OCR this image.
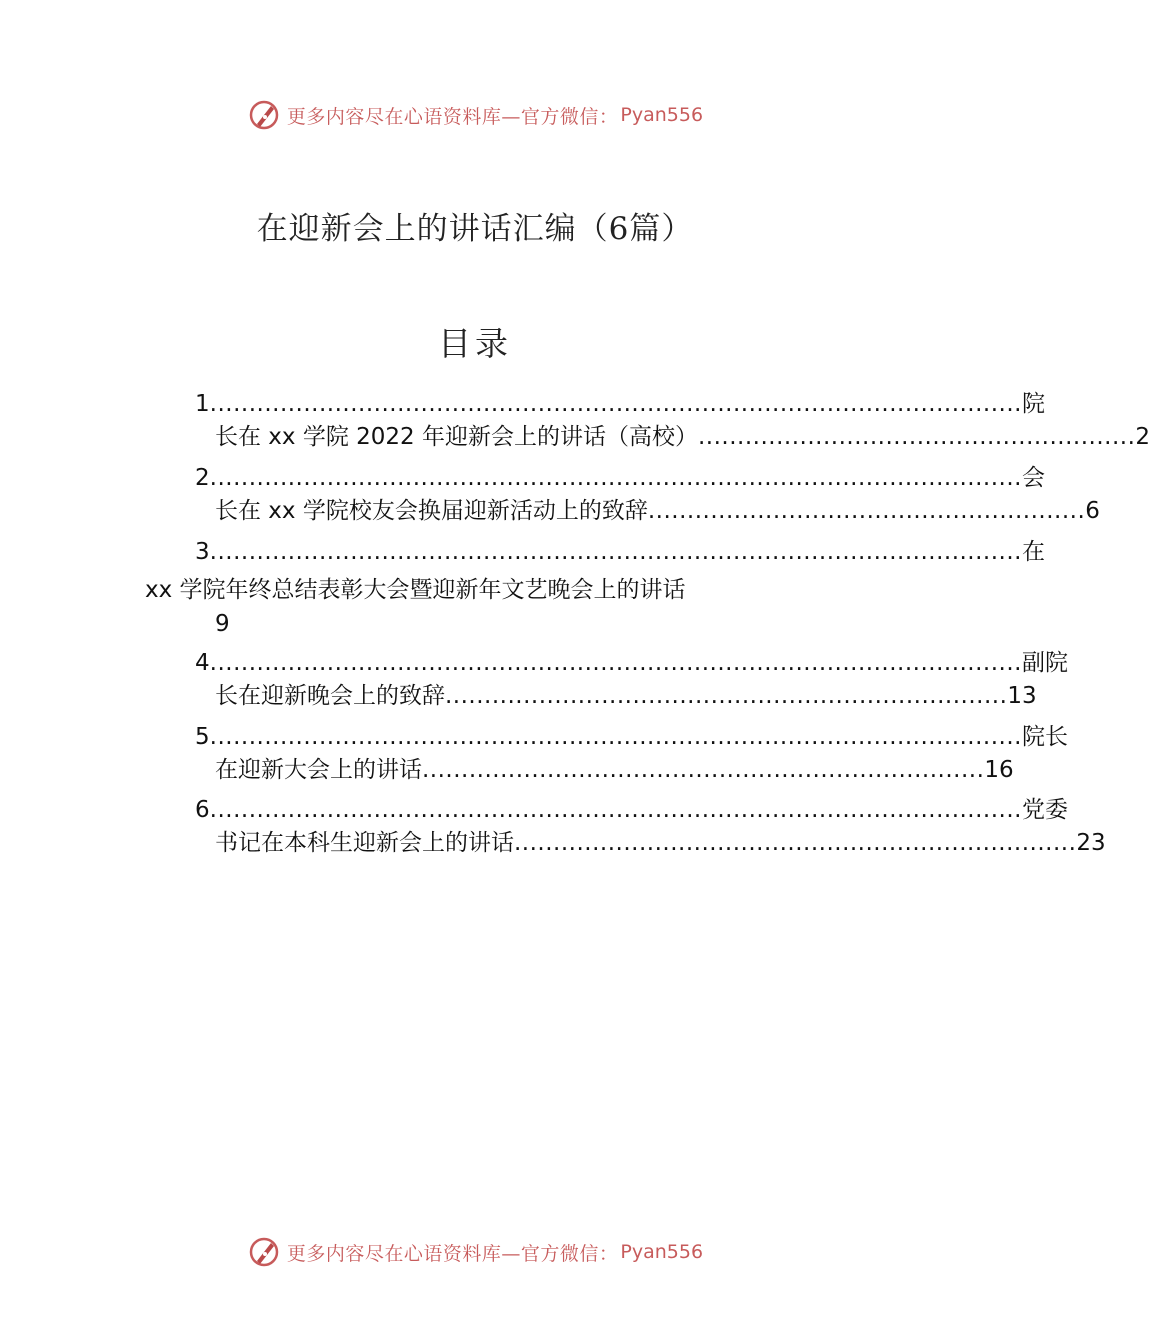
更多内容尽在心语资料库—官方微信： Pyan556
在迎新会上的讲话汇编（6篇）
目录
1 ........................................................................................................ 院
长在 xx 学院 2022 年迎新会上的讲话（高校） ........................................................ 2
2 ........................................................................................................ 会
长在 xx 学院校友会换届迎新活动上的致辞 ........................................................ 6
3 ........................................................................................................ 在
xx 学院年终总结表彰大会暨迎新年文艺晚会上的讲话
9
4 ........................................................................................................ 副院
长在迎新晚会上的致辞 ........................................................................ 13
5 ........................................................................................................ 院长
在迎新大会上的讲话 ........................................................................ 16
6 ........................................................................................................ 党委
书记在本科生迎新会上的讲话 ........................................................................ 23
更多内容尽在心语资料库—官方微信： Pyan556
